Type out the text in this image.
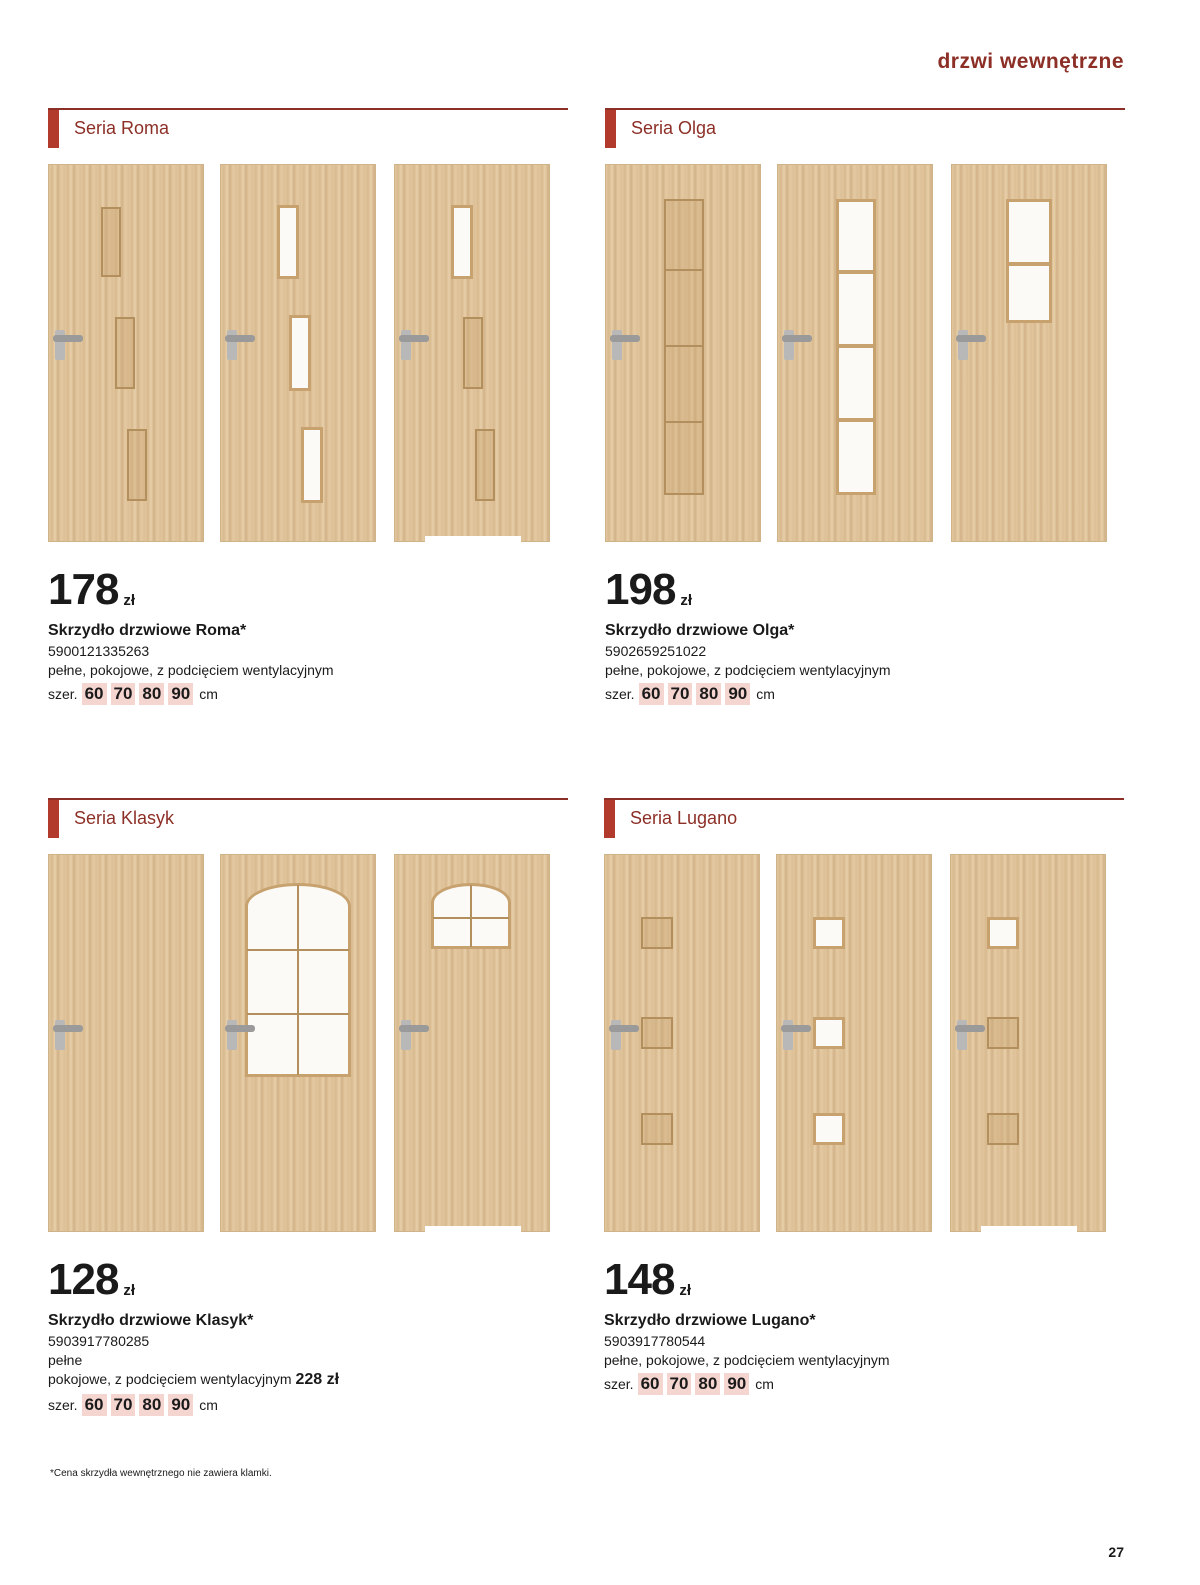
drzwi wewnętrzne
Seria Roma
178 zł
Skrzydło drzwiowe Roma*
5900121335263
pełne, pokojowe, z podcięciem wentylacyjnym
szer. 60 70 80 90 cm
Seria Olga
198 zł
Skrzydło drzwiowe Olga*
5902659251022
pełne, pokojowe, z podcięciem wentylacyjnym
szer. 60 70 80 90 cm
Seria Klasyk
128 zł
Skrzydło drzwiowe Klasyk*
5903917780285
pełne
pokojowe, z podcięciem wentylacyjnym 228 zł
szer. 60 70 80 90 cm
Seria Lugano
148 zł
Skrzydło drzwiowe Lugano*
5903917780544
pełne, pokojowe, z podcięciem wentylacyjnym
szer. 60 70 80 90 cm
*Cena skrzydła wewnętrznego nie zawiera klamki.
27
